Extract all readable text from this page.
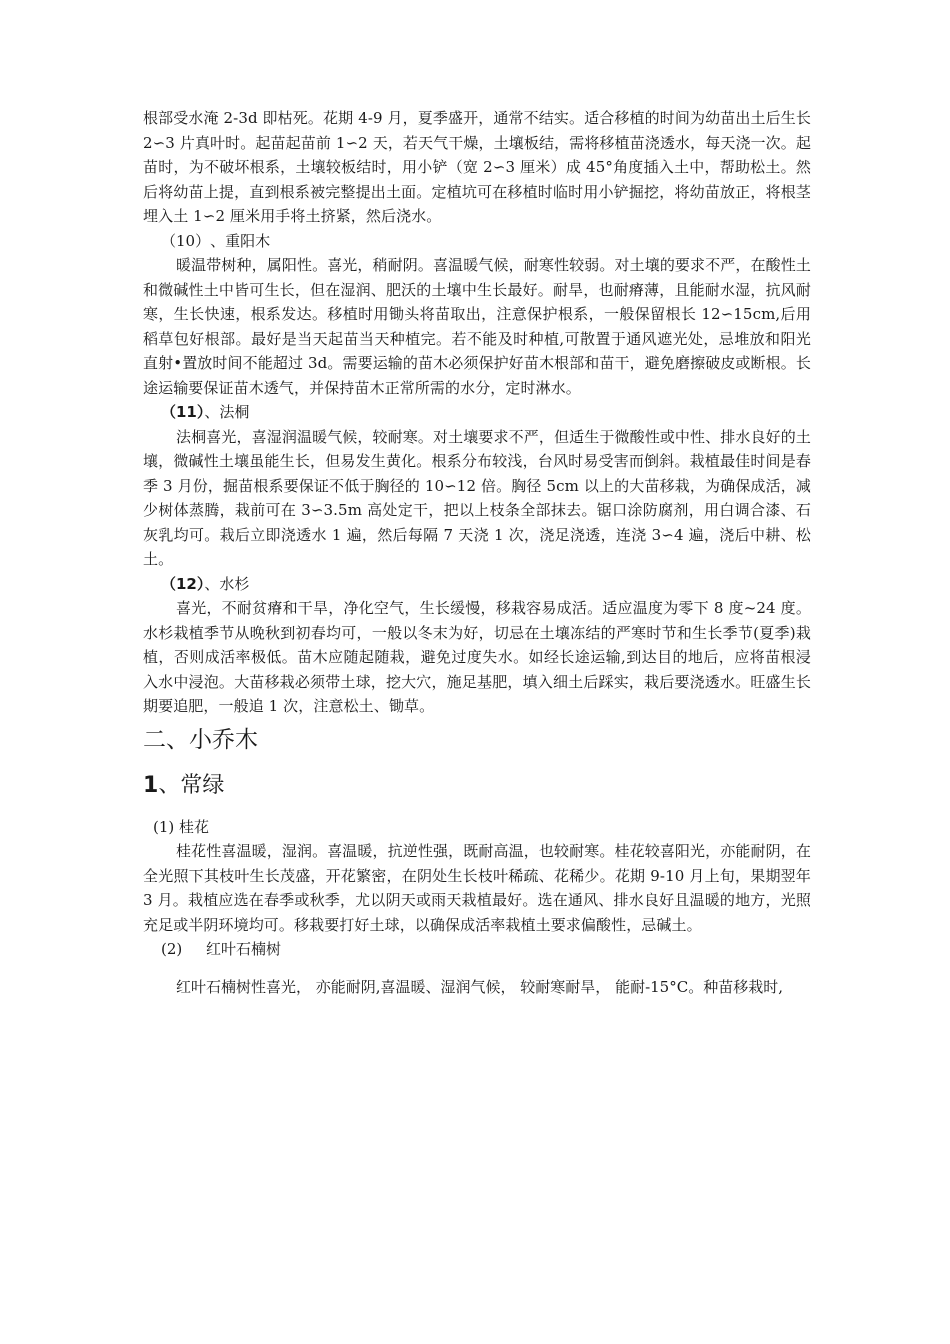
根部受水淹 2-3d 即枯死。花期 4-9 月，夏季盛开，通常不结实。适合移植的时间为幼苗出土后生长 2∽3 片真叶时。起苗起苗前 1∽2 天，若天气干燥，土壤板结，需将移植苗浇透水，每天浇一次。起苗时，为不破坏根系，土壤较板结时，用小铲（宽 2∽3 厘米）成 45°角度插入土中，帮助松土。然后将幼苗上提，直到根系被完整提出土面。定植坑可在移植时临时用小铲掘挖，将幼苗放正，将根茎埋入土 1∽2 厘米用手将土挤紧，然后浇水。

（10）、重阳木

暖温带树种，属阳性。喜光，稍耐阴。喜温暖气候，耐寒性较弱。对土壤的要求不严，在酸性土和微碱性土中皆可生长，但在湿润、肥沃的土壤中生长最好。耐旱，也耐瘠薄，且能耐水湿，抗风耐寒，生长快速，根系发达。移植时用锄头将苗取出，注意保护根系，一般保留根长 12∽15cm,后用稻草包好根部。最好是当天起苗当天种植完。若不能及时种植,可散置于通风遮光处，忌堆放和阳光直射•置放时间不能超过 3d。需要运输的苗木必须保护好苗木根部和苗干，避免磨擦破皮或断根。长途运输要保证苗木透气，并保持苗木正常所需的水分，定时淋水。

（11）、法桐

法桐喜光，喜湿润温暖气候，较耐寒。对土壤要求不严，但适生于微酸性或中性、排水良好的土壤，微碱性土壤虽能生长，但易发生黄化。根系分布较浅，台风时易受害而倒斜。栽植最佳时间是春季 3 月份，掘苗根系要保证不低于胸径的 10∽12 倍。胸径 5cm 以上的大苗移栽，为确保成活，减少树体蒸腾，栽前可在 3∽3.5m 高处定干，把以上枝条全部抹去。锯口涂防腐剂，用白调合漆、石灰乳均可。栽后立即浇透水 1 遍，然后每隔 7 天浇 1 次，浇足浇透，连浇 3∽4 遍，浇后中耕、松土。

（12）、水杉

喜光，不耐贫瘠和干旱，净化空气，生长缓慢，移栽容易成活。适应温度为零下 8 度~24 度。水杉栽植季节从晚秋到初春均可，一般以冬末为好，切忌在土壤冻结的严寒时节和生长季节(夏季)栽植，否则成活率极低。苗木应随起随栽，避免过度失水。如经长途运输,到达目的地后，应将苗根浸入水中浸泡。大苗移栽必须带土球，挖大穴，施足基肥，填入细土后踩实，栽后要浇透水。旺盛生长期要追肥，一般追 1 次，注意松土、锄草。

二、小乔木
1、常绿

(1) 桂花

桂花性喜温暖，湿润。喜温暖，抗逆性强，既耐高温，也较耐寒。桂花较喜阳光，亦能耐阴，在全光照下其枝叶生长茂盛，开花繁密，在阴处生长枝叶稀疏、花稀少。花期 9-10 月上旬，果期翌年 3 月。栽植应选在春季或秋季，尤以阴天或雨天栽植最好。选在通风、排水良好且温暖的地方，光照充足或半阴环境均可。移栽要打好土球，以确保成活率栽植土要求偏酸性，忌碱土。

(2) 红叶石楠树

红叶石楠树性喜光， 亦能耐阴,喜温暖、湿润气候， 较耐寒耐旱， 能耐-15°C。种苗移栽时,
